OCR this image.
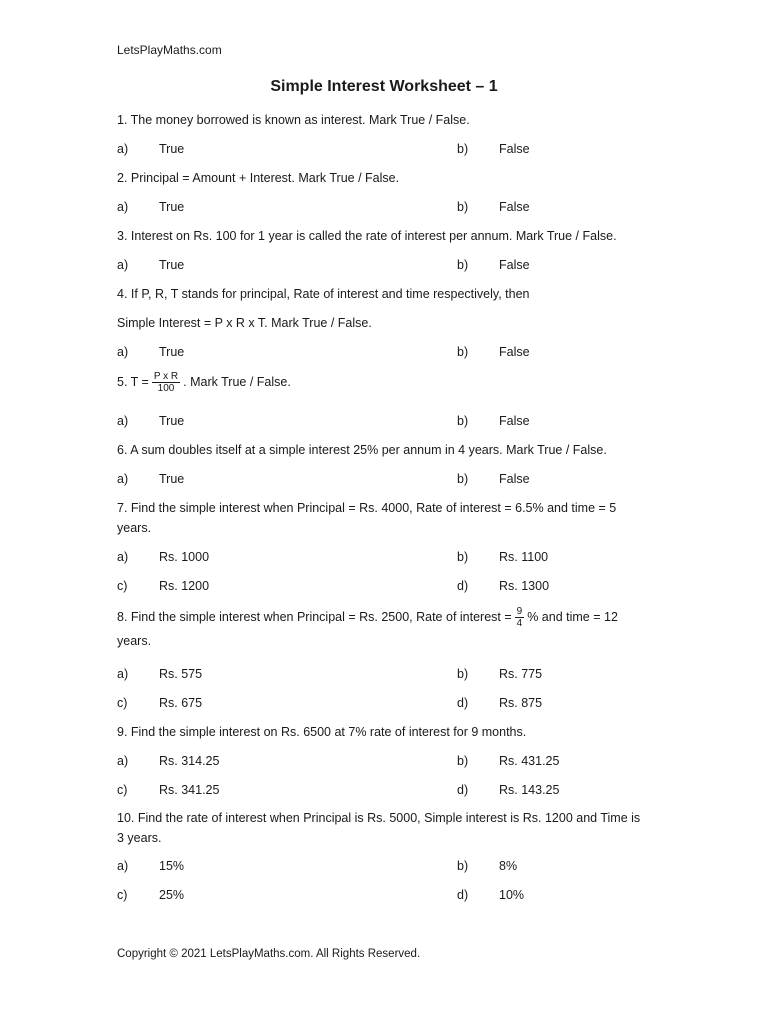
LetsPlayMaths.com
Simple Interest Worksheet – 1
1. The money borrowed is known as interest. Mark True / False.
a) True	b) False
2. Principal = Amount + Interest. Mark True / False.
a) True	b) False
3. Interest on Rs. 100 for 1 year is called the rate of interest per annum. Mark True / False.
a) True	b) False
4. If P, R, T stands for principal, Rate of interest and time respectively, then
Simple Interest = P x R x T. Mark True / False.
a) True	b) False
5. $T = \frac{\text{P x R}}{100}$ . Mark True / False.
a) True	b) False
6. A sum doubles itself at a simple interest 25% per annum in 4 years. Mark True / False.
a) True	b) False
7. Find the simple interest when Principal = Rs. 4000, Rate of interest = 6.5% and time = 5 years.
a) Rs. 1000	b) Rs. 1100
c)	Rs. 1200	d) Rs. 1300
8. Find the simple interest when Principal = Rs. 2500, Rate of interest = $\frac{9}{4}$ % and time = 12 years.
a) Rs. 575	b) Rs. 775
c)	Rs. 675	d) Rs. 875
9. Find the simple interest on Rs. 6500 at 7% rate of interest for 9 months.
a) Rs. 314.25	b) Rs. 431.25
c)	Rs. 341.25	d) Rs. 143.25
10. Find the rate of interest when Principal is Rs. 5000, Simple interest is Rs. 1200 and Time is 3 years.
a) 15%	b) 8%
c)	25%	d) 10%
Copyright © 2021 LetsPlayMaths.com. All Rights Reserved.
